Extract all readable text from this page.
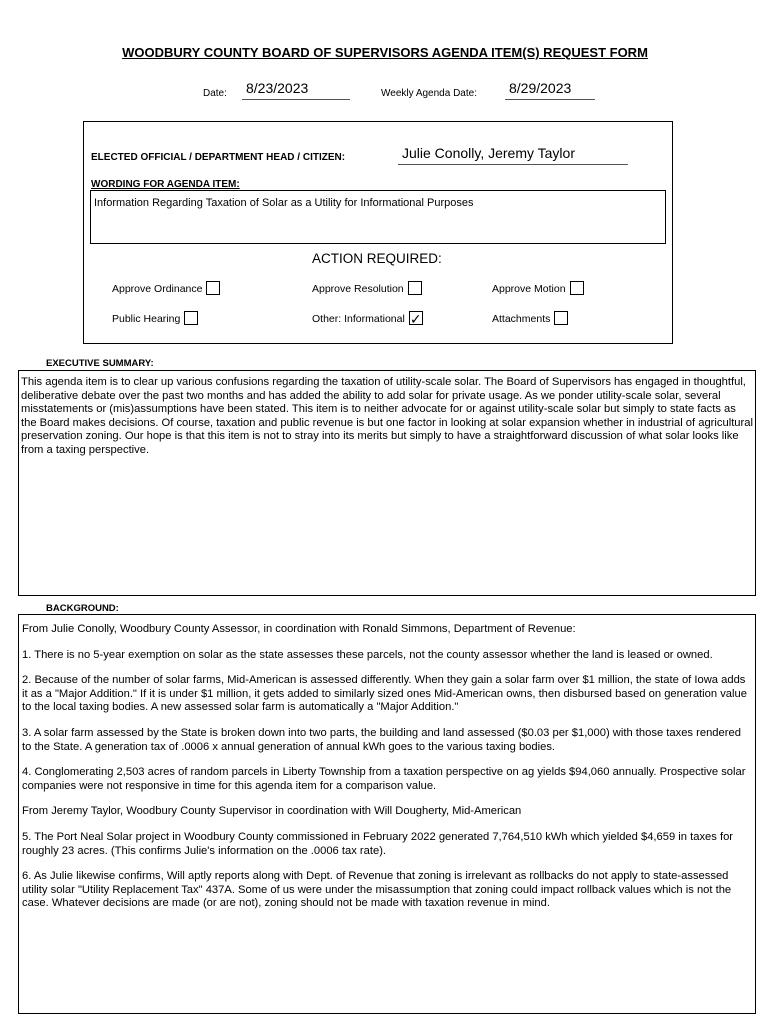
WOODBURY COUNTY BOARD OF SUPERVISORS AGENDA ITEM(S) REQUEST FORM
Date: 8/23/2023	Weekly Agenda Date: 8/29/2023
ELECTED OFFICIAL / DEPARTMENT HEAD / CITIZEN:	Julie Conolly, Jeremy Taylor
WORDING FOR AGENDA ITEM:
Information Regarding Taxation of Solar as a Utility for Informational Purposes
ACTION REQUIRED:
Approve Ordinance	Approve Resolution	Approve Motion
Public Hearing	Other: Informational ✓	Attachments
EXECUTIVE SUMMARY:

This agenda item is to clear up various confusions regarding the taxation of utility-scale solar. The Board of Supervisors has engaged in thoughtful, deliberative debate over the past two months and has added the ability to add solar for private usage. As we ponder utility-scale solar, several misstatements or (mis)assumptions have been stated. This item is to neither advocate for or against utility-scale solar but simply to state facts as the Board makes decisions. Of course, taxation and public revenue is but one factor in looking at solar expansion whether in industrial of agricultural preservation zoning. Our hope is that this item is not to stray into its merits but simply to have a straightforward discussion of what solar looks like from a taxing perspective.

BACKGROUND:

From Julie Conolly, Woodbury County Assessor, in coordination with Ronald Simmons, Department of Revenue:

1. There is no 5-year exemption on solar as the state assesses these parcels, not the county assessor whether the land is leased or owned.

2. Because of the number of solar farms, Mid-American is assessed differently. When they gain a solar farm over $1 million, the state of Iowa adds it as a "Major Addition." If it is under $1 million, it gets added to similarly sized ones Mid-American owns, then disbursed based on generation value to the local taxing bodies. A new assessed solar farm is automatically a "Major Addition."

3. A solar farm assessed by the State is broken down into two parts, the building and land assessed ($0.03 per $1,000) with those taxes rendered to the State. A generation tax of .0006 x annual generation of annual kWh goes to the various taxing bodies.

4. Conglomerating 2,503 acres of random parcels in Liberty Township from a taxation perspective on ag yields $94,060 annually. Prospective solar companies were not responsive in time for this agenda item for a comparison value.

From Jeremy Taylor, Woodbury County Supervisor in coordination with Will Dougherty, Mid-American

5. The Port Neal Solar project in Woodbury County commissioned in February 2022 generated 7,764,510 kWh which yielded $4,659 in taxes for roughly 23 acres. (This confirms Julie's information on the .0006 tax rate).

6. As Julie likewise confirms, Will aptly reports along with Dept. of Revenue that zoning is irrelevant as rollbacks do not apply to state-assessed utility solar "Utility Replacement Tax" 437A. Some of us were under the misassumption that zoning could impact rollback values which is not the case. Whatever decisions are made (or are not), zoning should not be made with taxation revenue in mind.
